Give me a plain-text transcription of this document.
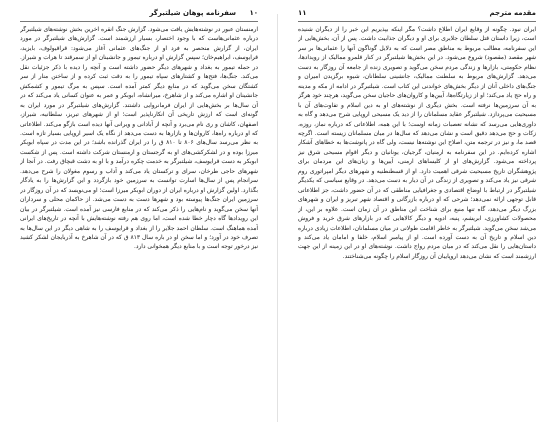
۱۰
سفرنامه پوهان شیلتبرگر

ارمنستان عبور در نوشته‌هایش یافت می‌شود. گزارش جنگ آنقره آخرین بخش نوشته‌های شیلتبرگر درباره عثمانی‌هاست که با وجود اختصار، بسیار ارزشمند است. گزارش‌های شیلتبرگر در مورد ایران، از گزارش منحصر به فرد او از جنگ‌های عثمانی آغاز می‌شود: قراقیولوف، بایزید، قرایوسف، ابراهیم‌خان؛ سپس گزارش او درباره تیمور و جانشینان او از سمرقند تا هرات و شیراز. در حمله تیمور به بغداد و شهرهای دیگر حضور داشته است و آنچه را دیده با ذکر جزئیات نقل می‌کند. جنگ‌ها، فتح‌ها و کشتارهای سپاه تیمور را به دقت ثبت کرده و از ساختن منار از سر کشتگان سخن می‌گوید که در منابع دیگر کمتر آمده است. سپس به مرگ تیمور و کشمکش جانشینان او اشاره می‌کند و از شاهرخ، میرانشاه، ابوبکر و عمر به عنوان کسانی یاد می‌کند که در آن سال‌ها بر بخش‌هایی از ایران فرمانروایی داشتند. گزارش‌های شیلتبرگر در مورد ایران به گونه‌ای است که ارزش تاریخی آن انکارناپذیر است؛ او از شهرهای تبریز، سلطانیه، شیراز، اصفهان، کاشان و ری نام می‌برد و آنچه از آبادانی و ویرانی آنها دیده است بازگو می‌کند. اطلاعاتی که او درباره راه‌ها، کاروان‌ها و بازارها به دست می‌دهد از نگاه یک اسیر اروپایی بسیار تازه است. به نظر می‌رسد سال‌های ۸۰۶ تا ۸۱۰ ق را در ایران گذرانده باشد؛ در این مدت در سپاه ابوبکر میرزا بوده و در لشکرکشی‌های او به گرجستان و ارمنستان شرکت داشته است. پس از شکست ابوبکر به دست قرایوسف، شیلتبرگر به خدمت چکره درآمد و با او به دشت قبچاق رفت. در آنجا از شهرهای حاجی طرخان، سرای و ترکستان یاد می‌کند و آداب و رسوم مغولان را شرح می‌دهد. سرانجام پس از سال‌ها اسارت توانست به سرزمین خود بازگردد و این گزارش‌ها را به یادگار بگذارد. اولین گزارش او درباره ایران از دوران ابوبکر میرزا است؛ او می‌نویسد که در آن روزگار در سرزمین ایران جنگ‌ها پیوسته بود و شهرها دست به دست می‌شد. از حاکمان محلی و سرداران آنها سخن می‌گوید و نام‌هایی را ذکر می‌کند که در منابع فارسی نیز آمده است. شیلتبرگر در بیان این رویدادها گاه دچار خطا شده است، اما روی هم رفته نوشته‌هایش با آنچه در تاریخ‌های ایرانی آمده هماهنگ است. سلطان احمد جلایر را از بغداد و قرایوسف را به شاهی دیگر در این سال‌ها به تصرف خود در آورد؛ و اما سخن او در باره سال ۸۱۳ ق که در آن شاهرخ به آذربایجان لشکر کشید نیز درخور توجه است و با منابع دیگر همخوانی دارد.

مقدمه مترجم
۱۱

ایران نبود. چگونه از وقایع ایران اطلاع داشت؟ مگر اینکه بپذیریم این خبر را از دیگران شنیده است، زیرا داستان قتل سلطان جلایری برای او و دیگران جذابیت داشت. پس از آن، بخش‌هایی از این سفرنامه، مطالب مربوط به مناطق مصر است که به دلایل گوناگون آنها را عثمانی‌ها بر سر شهر مقصد (مقصود) شروع می‌شود. در این بخش‌ها شیلتبرگر در کنار قلمرو ممالیک از رویدادها، نظام حکومتی، بازارها و زندگی مردم سخن می‌گوید و تصویری زنده از جامعه آن روزگار به دست می‌دهد. گزارش‌های مربوط به سلطنت ممالیک، جانشینی سلطانان، شیوه برگزیدن امیران و جنگ‌های داخلی آنان از دیگر بخش‌های خواندنی این کتاب است. شیلتبرگر در ادامه از مکه و مدینه و راه حج یاد می‌کند؛ او از زیارتگاه‌ها، آیین‌ها و کاروان‌های حاجیان سخن می‌گوید، هرچند خود هرگز به آن سرزمین‌ها نرفته است. بخش دیگری از نوشته‌های او به دین اسلام و تفاوت‌های آن با مسیحیت می‌پردازد. شیلتبرگر عقاید مسلمانان را از دید یک مسیحی اروپایی شرح می‌دهد و گاه به داوری‌هایی می‌رسد که نشانه تعصبات زمانه اوست؛ با این همه، اطلاعاتی که درباره نماز، روزه، زکات و حج می‌دهد دقیق است و نشان می‌دهد که سال‌ها در میان مسلمانان زیسته است. اگرچه قصد ما، و نیز در ترجمه متن، اصلاح این نوشته‌ها نیست، ولی گاه در پانوشت‌ها به خطاهای آشکار اشاره کرده‌ایم. در این سفرنامه به ارمنیان، گرجیان، یونانیان و دیگر اقوام مسیحی شرق نیز پرداخته می‌شود. گزارش‌های او از کلیساهای ارمنی، آیین‌ها و زبان‌های این مردمان برای پژوهشگران تاریخ مسیحیت شرقی اهمیت دارد. او از قسطنطنیه و شهرهای دیگر امپراتوری روم شرقی نیز یاد می‌کند و تصویری از زندگی در آن دیار به دست می‌دهد. در وقایع سیاسی که یکدیگر شیلتبرگر در ارتباط با اوضاع اقتصادی و جغرافیایی مناطقی که در آن حضور داشت، جز اطلاعاتی قابل توجهی ارائه نمی‌دهد؛ شرحی که او درباره بازرگانی و اقتصاد شهر تبریز و ایران و شهرهای بزرگ دیگر می‌دهد، گاه تنها منبع برای شناخت این مناطق در آن زمان است. علاوه بر این، از محصولات کشاورزی، ابریشم، پنبه، ادویه و دیگر کالاهایی که در بازارهای شرق خرید و فروش می‌شد سخن می‌گوید. شیلتبرگر به خاطر اقامت طولانی در میان مسلمانان، اطلاعات زیادی درباره دین اسلام و تاریخ آن به دست آورده است. او از پیامبر اسلام، خلفا و امامان یاد می‌کند و داستان‌هایی را نقل می‌کند که در میان مردم رواج داشت. نوشته‌های او در این زمینه از این جهت ارزشمند است که نشان می‌دهد اروپاییان آن روزگار اسلام را چگونه می‌شناختند.
